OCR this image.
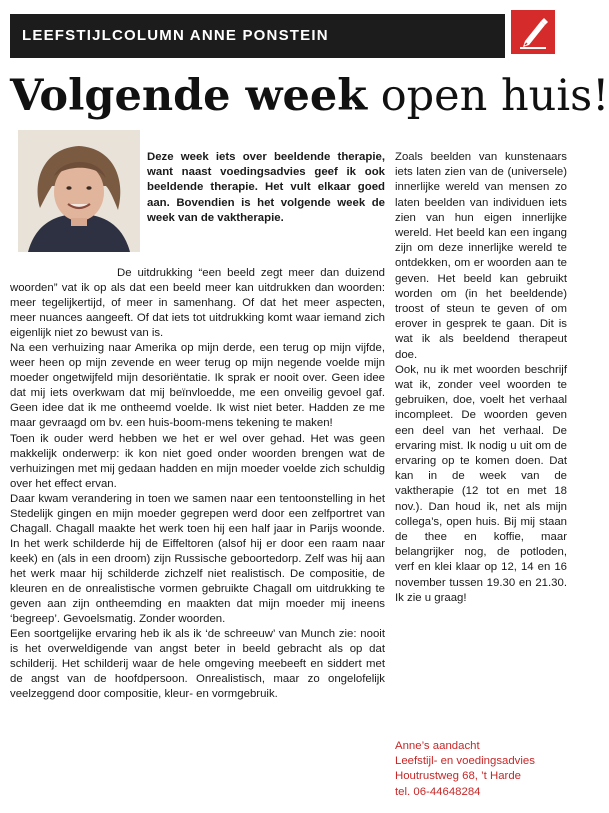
LEEFSTIJLCOLUMN ANNE PONSTEIN
Volgende week open huis!
Deze week iets over beeldende therapie, want naast voedingsadvies geef ik ook beeldende therapie. Het vult elkaar goed aan. Bovendien is het volgende week de week van de vaktherapie.

De uitdrukking “een beeld zegt meer dan duizend woorden” vat ik op als dat een beeld meer kan uitdrukken dan woorden: meer tegelijkertijd, of meer in samenhang. Of dat het meer aspecten, meer nuances aangeeft. Of dat iets tot uitdrukking komt waar iemand zich eigenlijk niet zo bewust van is.

Na een verhuizing naar Amerika op mijn derde, een terug op mijn vijfde, weer heen op mijn zevende en weer terug op mijn negende voelde mijn moeder ongetwijfeld mijn desoriëntatie. Ik sprak er nooit over. Geen idee dat mij iets overkwam dat mij beïnvloedde, me een onveilig gevoel gaf. Geen idee dat ik me ontheemd voelde. Ik wist niet beter. Hadden ze me maar gevraagd om bv. een huis-boom-mens tekening te maken!

Toen ik ouder werd hebben we het er wel over gehad. Het was geen makkelijk onderwerp: ik kon niet goed onder woorden brengen wat de verhuizingen met mij gedaan hadden en mijn moeder voelde zich schuldig over het effect ervan.

Daar kwam verandering in toen we samen naar een tentoonstelling in het Stedelijk gingen en mijn moeder gegrepen werd door een zelfportret van Chagall. Chagall maakte het werk toen hij een half jaar in Parijs woonde. In het werk schilderde hij de Eiffeltoren (alsof hij er door een raam naar keek) en (als in een droom) zijn Russische geboortedorp. Zelf was hij aan het werk maar hij schilderde zichzelf niet realistisch. De compositie, de kleuren en de onrealistische vormen gebruikte Chagall om uitdrukking te geven aan zijn ontheemding en maakten dat mijn moeder mij ineens ‘begreep’. Gevoelsmatig. Zonder woorden.

Een soortgelijke ervaring heb ik als ik ‘de schreeuw’ van Munch zie: nooit is het overweldigende van angst beter in beeld gebracht als op dat schilderij. Het schilderij waar de hele omgeving meebeeft en siddert met de angst van de hoofdpersoon. Onrealistisch, maar zo ongelofelijk veelzeggend door compositie, kleur- en vormgebruik.

Zoals beelden van kunstenaars iets laten zien van de (universele) innerlijke wereld van mensen zo laten beelden van individuen iets zien van hun eigen innerlijke wereld. Het beeld kan een ingang zijn om deze innerlijke wereld te ontdekken, om er woorden aan te geven. Het beeld kan gebruikt worden om (in het beeldende) troost of steun te geven of om erover in gesprek te gaan. Dit is wat ik als beeldend therapeut doe.

Ook, nu ik met woorden beschrijf wat ik, zonder veel woorden te gebruiken, doe, voelt het verhaal incompleet. De woorden geven een deel van het verhaal. De ervaring mist. Ik nodig u uit om de ervaring op te komen doen. Dat kan in de week van de vaktherapie (12 tot en met 18 nov.). Dan houd ik, net als mijn collega’s, open huis. Bij mij staan de thee en koffie, maar belangrijker nog, de potloden, verf en klei klaar op 12, 14 en 16 november tussen 19.30 en 21.30. Ik zie u graag!

Anne’s aandacht
Leefstijl- en voedingsadvies
Houtrustweg 68, ’t Harde
tel. 06-44648284
